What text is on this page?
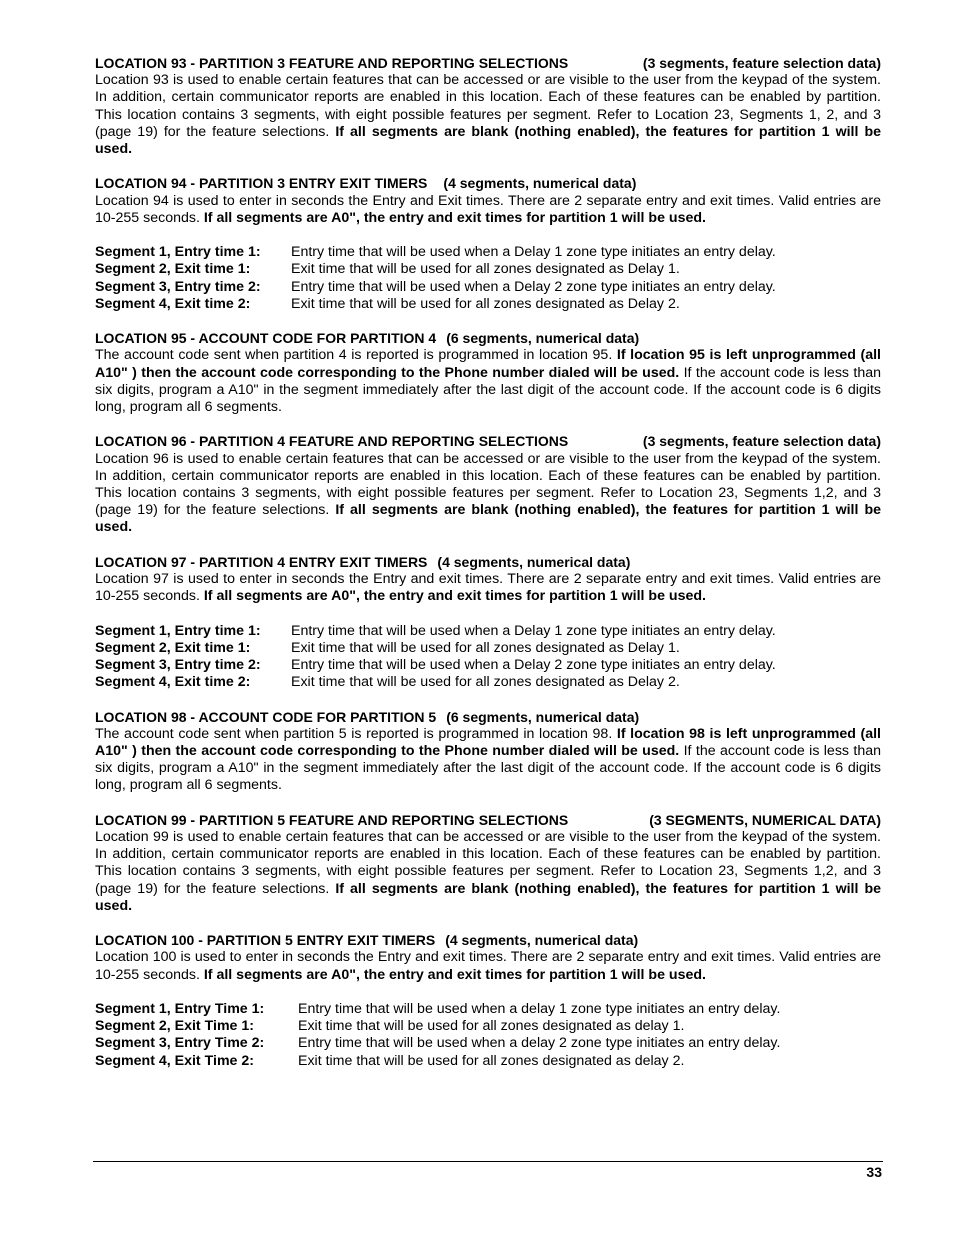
LOCATION 93 - PARTITION 3 FEATURE AND REPORTING SELECTIONS	(3 segments, feature selection data)
Location 93 is used to enable certain features that can be accessed or are visible to the user from the keypad of the system. In addition, certain communicator reports are enabled in this location. Each of these features can be enabled by partition. This location contains 3 segments, with eight possible features per segment. Refer to Location 23, Segments 1, 2, and 3 (page 19) for the feature selections. If all segments are blank (nothing enabled), the features for partition 1 will be used.
LOCATION 94 - PARTITION 3 ENTRY EXIT TIMERS (4 segments, numerical data)
Location 94 is used to enter in seconds the Entry and Exit times. There are 2 separate entry and exit times. Valid entries are 10-255 seconds. If all segments are A0", the entry and exit times for partition 1 will be used.
Segment 1, Entry time 1:	Entry time that will be used when a Delay 1 zone type initiates an entry delay.
Segment 2, Exit time 1:	Exit time that will be used for all zones designated as Delay 1.
Segment 3, Entry time 2:	Entry time that will be used when a Delay 2 zone type initiates an entry delay.
Segment 4, Exit time 2:	Exit time that will be used for all zones designated as Delay 2.
LOCATION 95 - ACCOUNT CODE FOR PARTITION 4 (6 segments, numerical data)
The account code sent when partition 4 is reported is programmed in location 95. If location 95 is left unprogrammed (all A10" ) then the account code corresponding to the Phone number dialed will be used. If the account code is less than six digits, program a A10" in the segment immediately after the last digit of the account code. If the account code is 6 digits long, program all 6 segments.
LOCATION 96 - PARTITION 4 FEATURE AND REPORTING SELECTIONS	(3 segments, feature selection data)
Location 96 is used to enable certain features that can be accessed or are visible to the user from the keypad of the system. In addition, certain communicator reports are enabled in this location. Each of these features can be enabled by partition. This location contains 3 segments, with eight possible features per segment. Refer to Location 23, Segments 1,2, and 3 (page 19) for the feature selections. If all segments are blank (nothing enabled), the features for partition 1 will be used.
LOCATION 97 - PARTITION 4 ENTRY EXIT TIMERS (4 segments, numerical data)
Location 97 is used to enter in seconds the Entry and exit times. There are 2 separate entry and exit times. Valid entries are 10-255 seconds. If all segments are A0", the entry and exit times for partition 1 will be used.
Segment 1, Entry time 1:	Entry time that will be used when a Delay 1 zone type initiates an entry delay.
Segment 2, Exit time 1:	Exit time that will be used for all zones designated as Delay 1.
Segment 3, Entry time 2:	Entry time that will be used when a Delay 2 zone type initiates an entry delay.
Segment 4, Exit time 2:	Exit time that will be used for all zones designated as Delay 2.
LOCATION 98 - ACCOUNT CODE FOR PARTITION 5 (6 segments, numerical data)
The account code sent when partition 5 is reported is programmed in location 98. If location 98 is left unprogrammed (all A10" ) then the account code corresponding to the Phone number dialed will be used. If the account code is less than six digits, program a A10" in the segment immediately after the last digit of the account code. If the account code is 6 digits long, program all 6 segments.
LOCATION 99 - PARTITION 5 FEATURE AND REPORTING SELECTIONS	(3 SEGMENTS, NUMERICAL DATA)
Location 99 is used to enable certain features that can be accessed or are visible to the user from the keypad of the system. In addition, certain communicator reports are enabled in this location. Each of these features can be enabled by partition. This location contains 3 segments, with eight possible features per segment. Refer to Location 23, Segments 1,2, and 3 (page 19) for the feature selections. If all segments are blank (nothing enabled), the features for partition 1 will be used.
LOCATION 100 - PARTITION 5 ENTRY EXIT TIMERS (4 segments, numerical data)
Location 100 is used to enter in seconds the Entry and exit times. There are 2 separate entry and exit times. Valid entries are 10-255 seconds. If all segments are A0", the entry and exit times for partition 1 will be used.
Segment 1, Entry Time 1:	Entry time that will be used when a delay 1 zone type initiates an entry delay.
Segment 2, Exit Time 1:	Exit time that will be used for all zones designated as delay 1.
Segment 3, Entry Time 2:	Entry time that will be used when a delay 2 zone type initiates an entry delay.
Segment 4, Exit Time 2:	Exit time that will be used for all zones designated as delay 2.
33
